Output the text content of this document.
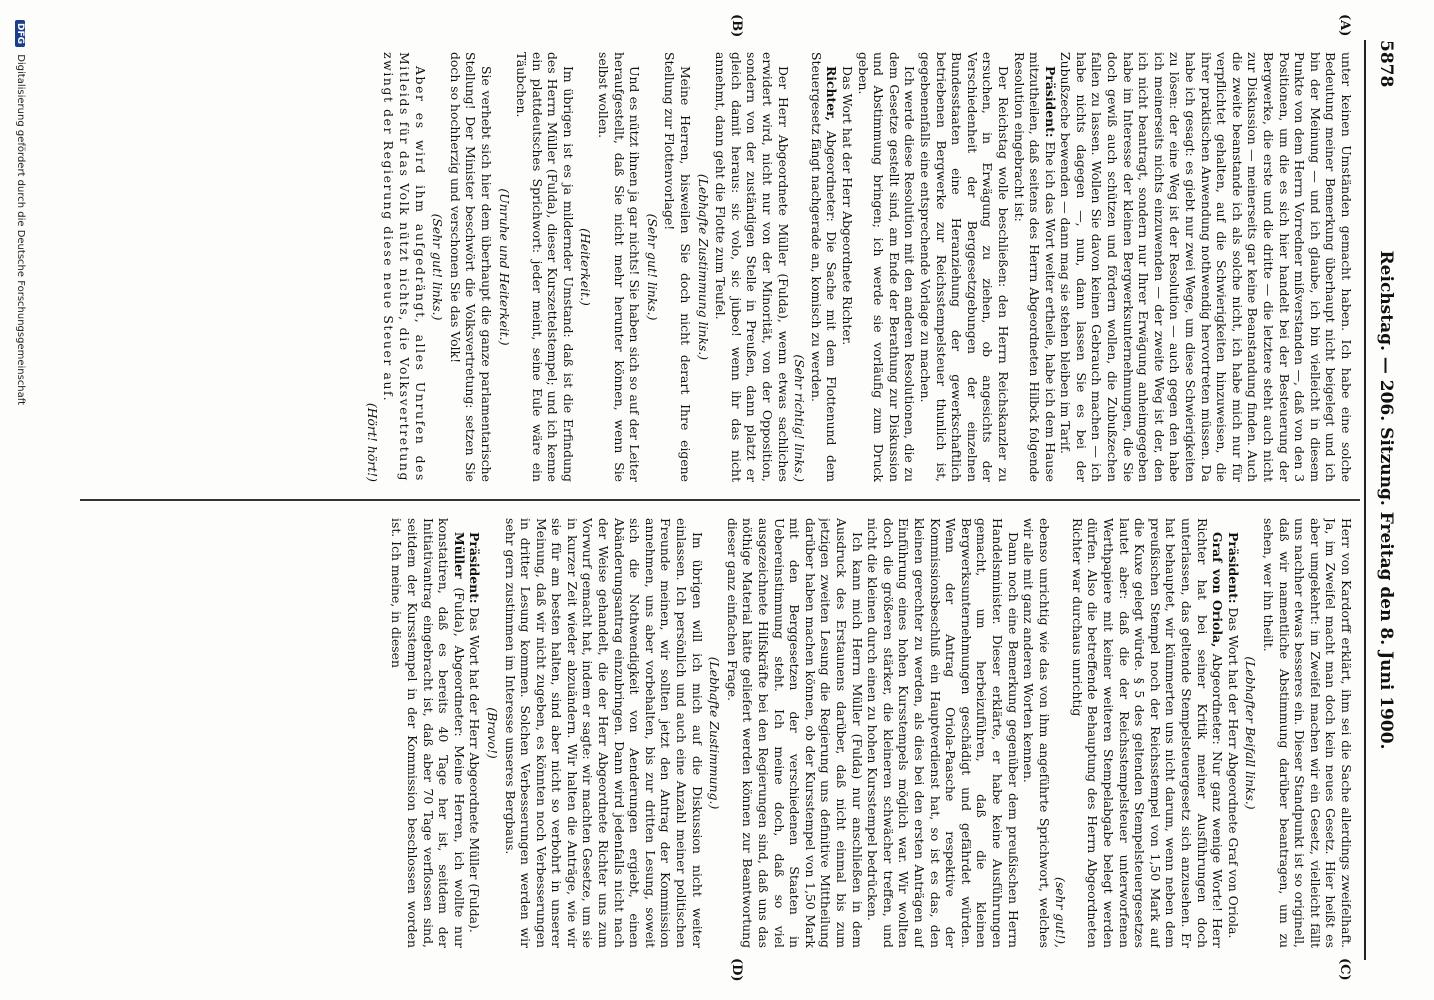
5878
Reichstag. — 206. Sitzung. Freitag den 8. Juni 1900.
(A)
(B)
(C)
(D)

unter keinen Umständen gemacht haben. Ich habe eine solche Bedeutung meiner Bemerkung überhaupt nicht beigelegt und ich bin der Meinung — und ich glaube, ich bin vielleicht in diesem Punkte von dem Herrn Vorredner mißverstanden —, daß von den 3 Positionen, um die es sich hier handelt bei der Besteuerung der Bergwerke, die erste und die dritte — die letztere steht auch nicht zur Diskussion — meinerseits gar keine Beanstandung finden. Auch die zweite beanstande ich als solche nicht, ich habe mich nur für verpflichtet gehalten, auf die Schwierigkeiten hinzuweisen, die ihrer praktischen Anwendung nothwendig hervortreten müssen. Da habe ich gesagt: es giebt nur zwei Wege, um diese Schwierigkeiten zu lösen: der eine Weg ist der Resolution — auch gegen den habe ich meinerseits nichts einzuwenden — der zweite Weg ist der, den ich nicht beantragt, sondern nur Ihrer Erwägung anheimgegeben habe im Interesse der kleinen Bergwerksunternehmungen, die Sie doch gewiß auch schützen und fördern wollen, die Zubußzechen fallen zu lassen. Wollen Sie davon keinen Gebrauch machen — ich habe nichts dagegen —, nun, dann lassen Sie es bei der Zubußzeche bewenden — dann mag sie stehen bleiben im Tarif.

Präsident: Ehe ich das Wort weiter ertheile, habe ich dem Hause mitzutheilen, daß seitens des Herrn Abgeordneten Hilbck folgende Resolution eingebracht ist:

Der Reichstag wolle beschließen: den Herrn Reichskanzler zu ersuchen, in Erwägung zu ziehen, ob angesichts der Verschiedenheit der Berggesetzgebungen der einzelnen Bundesstaaten eine Heranziehung der gewerkschaftlich betriebenen Bergwerke zur Reichsstempelsteuer thunlich ist, gegebenenfalls eine entsprechende Vorlage zu machen.

Ich werde diese Resolution mit den anderen Resolutionen, die zu dem Gesetze gestellt sind, am Ende der Berathung zur Diskussion und Abstimmung bringen; ich werde sie vorläufig zum Druck geben.

Das Wort hat der Herr Abgeordnete Richter.

Richter, Abgeordneter: Die Sache mit dem Flottenund dem Steuergesetz fängt nachgerade an, komisch zu werden.

(Sehr richtig! links.)

Der Herr Abgeordnete Müller (Fulda), wenn etwas sachliches erwidert wird, nicht nur von der Minorität, von der Opposition, sondern von der zuständigen Stelle in Preußen, dann platzt er gleich damit heraus: sic volo, sic jubeo! wenn ihr das nicht annehmt, dann geht die Flotte zum Teufel.

(Lebhafte Zustimmung links.)

Meine Herren, bisweilen Sie doch nicht derart Ihre eigene Stellung zur Flottenvorlage!

(Sehr gut! links.)

Und es nützt ihnen ja gar nichts! Sie haben sich so auf der Leiter heraufgestellt, daß Sie nicht mehr herunter können, wenn Sie selbst wollen.

(Heiterkeit.)

Im übrigen ist es ja mildernder Umstand: daß ist die Erfindung des Herrn Müller (Fulda), dieser Kurszettelstempel; und ich kenne ein plattdeutsches Sprichwort: jeder meint, seine Eule wäre ein Täubchen.

(Unruhe und Heiterkeit.)

Sie verhebt sich hier dem überhaupt die ganze parlamentarische Stellung! Der Minister beschwört die Volksvertretung: setzen Sie doch so hochherzig und verschonen Sie das Volk!

(Sehr gut! links.)

Aber es wird ihm aufgedrängt, alles Unrufen des Mitleids für das Volk nützt nichts, die Volksvertretung zwingt der Regierung diese neue Steuer auf.

(Hört! hört!)

Herr von Kardorff erklärt, ihm sei die Sache allerdings zweifelhaft. Ja, im Zweifel macht man doch kein neues Gesetz. Hier heißt es aber umgekehrt: im Zweifel machen wir ein Gesetz, vielleicht fällt uns nachher etwas besseres ein. Dieser Standpunkt ist so originell, daß wir namentliche Abstimmung darüber beantragen, um zu sehen, wer ihn theilt.

(Lebhafter Beifall links.)

Präsident: Das Wort hat der Herr Abgeordnete Graf von Oriola.

Graf von Oriola, Abgeordneter: Nur ganz wenige Worte! Herr Richter hat bei seiner Kritik meiner Ausführungen doch unterlassen, das geltende Stempelsteuergesetz sich anzusehen. Er hat behauptet, wir kümmerten uns nicht darum, wenn neben dem preußischen Stempel noch der Reichsstempel von 1,50 Mark auf die Kuxe gelegt würde. § 5 des geltenden Stempelsteuergesetzes lautet aber: daß die der Reichsstempelsteuer unterworfenen Werthpapiere mit keiner weiteren Stempelabgabe belegt werden dürfen. Also die betreffende Behauptung des Herrn Abgeordneten Richter war durchaus unrichtig

(sehr gut!),

ebenso unrichtig wie das von ihm angeführte Sprichwort, welches wir alle mit ganz anderen Worten kennen.

Dann noch eine Bemerkung gegenüber dem preußischen Herrn Handelsminister. Dieser erklärte, er habe keine Ausführungen gemacht, um herbeizuführen, daß die kleinen Bergwerksunternehmungen geschädigt und gefährdet würden. Wenn der Antrag Oriola-Paasche respektive der Kommissionsbeschluß ein Hauptverdienst hat, so ist es das, den kleinen gerechter zu werden, als dies bei den ersten Anträgen auf Einführung eines hohen Kursstempels möglich war. Wir wollten doch die größeren stärker, die kleineren schwächer treffen, und nicht die kleinen durch einen zu hohen Kursstempel bedrücken.

Ich kann mich Herrn Müller (Fulda) nur anschließen in dem Ausdruck des Erstaunens darüber, daß nicht einmal bis zum jetzigen zweiten Lesung die Regierung uns definitive Mittheilung darüber haben machen können, ob der Kursstempel von 1,50 Mark mit den Berggesetzen der verschiedenen Staaten in Uebereinstimmung steht. Ich meine doch, daß so viel ausgezeichnete Hilfskräfte bei den Regierungen sind, daß uns das nöthige Material hätte geliefert werden können zur Beantwortung dieser ganz einfachen Frage.

(Lebhafte Zustimmung.)

Im übrigen will ich mich auf die Diskussion nicht weiter einlassen. Ich persönlich und auch eine Anzahl meiner politischen Freunde meinen, wir sollten jetzt den Antrag der Kommission annehmen, uns aber vorbehalten, bis zur dritten Lesung, soweit sich die Nothwendigkeit von Aenderungen ergiebt, einen Abänderungsantrag einzubringen. Dann wird jedenfalls nicht nach der Weise gehandelt, die der Herr Abgeordnete Richter uns zum Vorwurf gemacht hat, indem er sagte: wir machten Gesetze, um sie in kurzer Zeit wieder abzuändern. Wir halten die Anträge, wie wir sie für am besten halten, sind aber nicht so verbohrt in unserer Meinung, daß wir nicht zugeben, es könnten noch Verbesserungen in dritter Lesung kommen. Solchen Verbesserungen werden wir sehr gern zustimmen im Interesse unseres Bergbaus.

(Bravo!)

Präsident: Das Wort hat der Herr Abgeordnete Müller (Fulda).

Müller (Fulda), Abgeordneter: Meine Herren, ich wollte nur konstatiren, daß es bereits 40 Tage her ist, seitdem der Initiativantrag eingebracht ist, daß aber 70 Tage verflossen sind, seitdem der Kursstempel in der Kommission beschlossen worden ist. Ich meine, in diesen

DFG Digitalisierung gefördert durch die Deutsche Forschungsgemeinschaft
